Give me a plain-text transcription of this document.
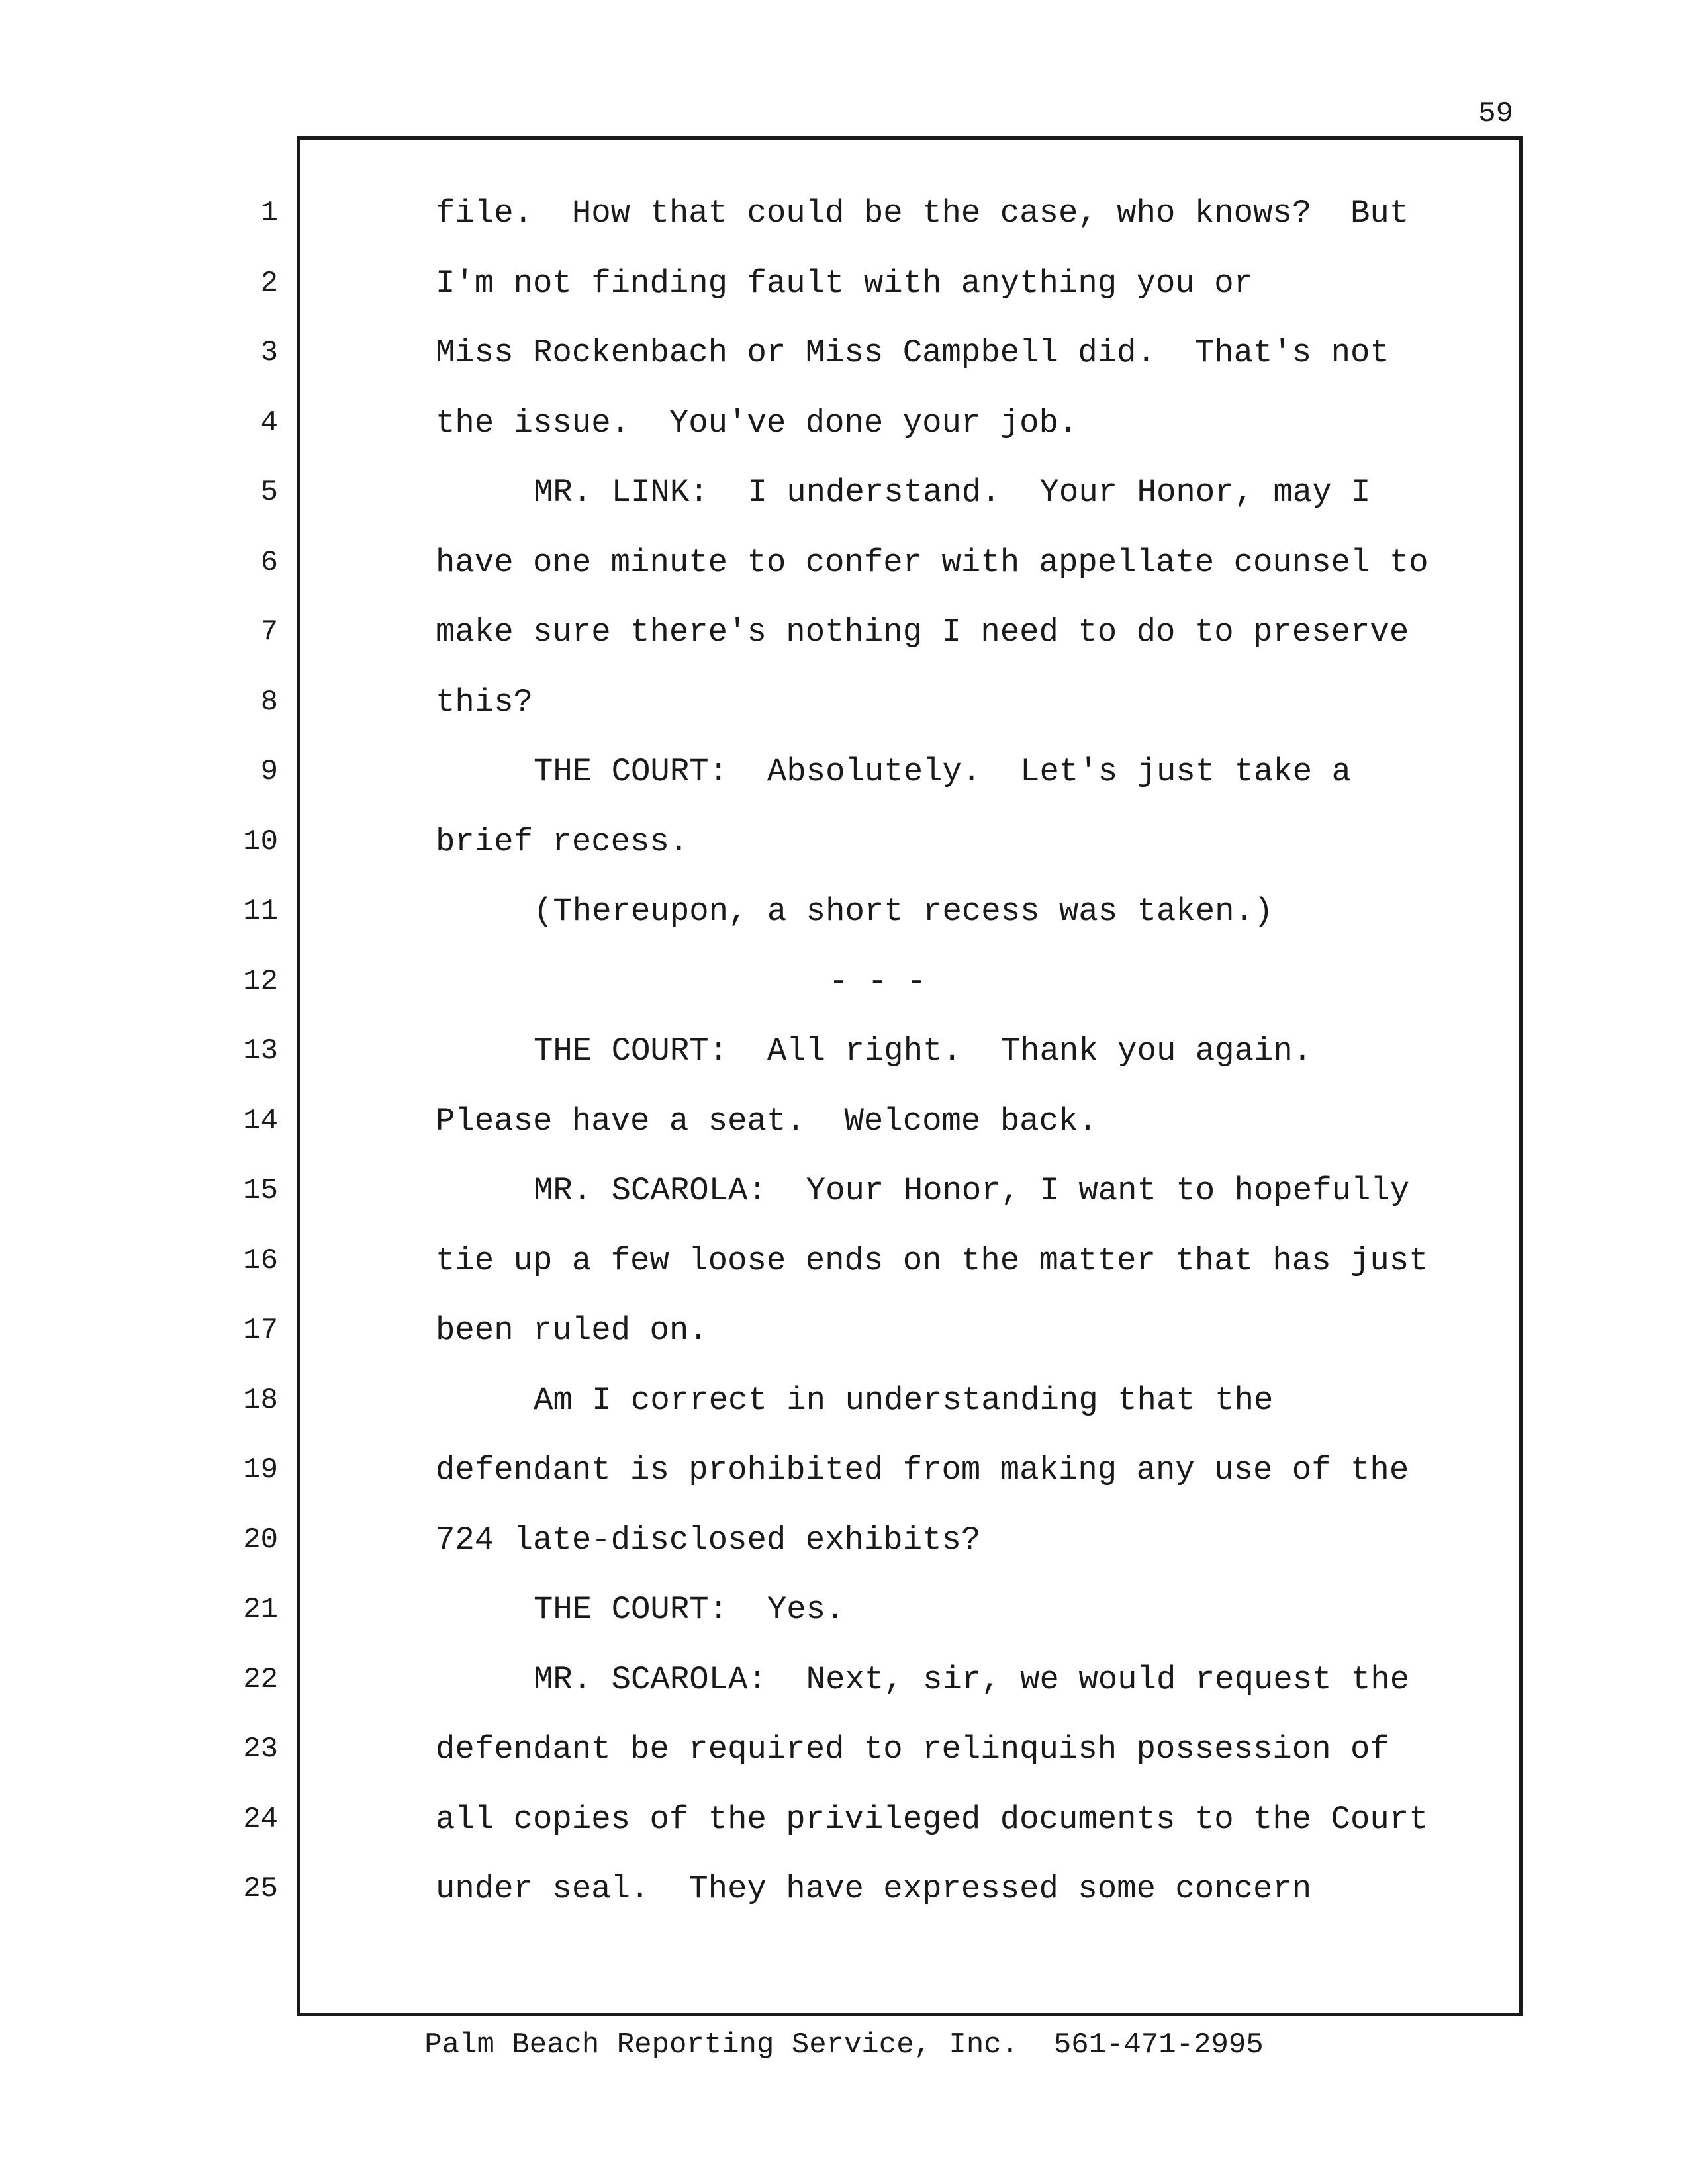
59
1
2
3
4
5
6
7
8
9
10
11
12
13
14
15
16
17
18
19
20
21
22
23
24
25
file.  How that could be the case, who knows?  But
I'm not finding fault with anything you or
Miss Rockenbach or Miss Campbell did.  That's not
the issue.  You've done your job.
MR. LINK:  I understand.  Your Honor, may I
have one minute to confer with appellate counsel to
make sure there's nothing I need to do to preserve
this?
THE COURT:  Absolutely.  Let's just take a
brief recess.
(Thereupon, a short recess was taken.)
- - -
THE COURT:  All right.  Thank you again.
Please have a seat.  Welcome back.
MR. SCAROLA:  Your Honor, I want to hopefully
tie up a few loose ends on the matter that has just
been ruled on.
Am I correct in understanding that the
defendant is prohibited from making any use of the
724 late-disclosed exhibits?
THE COURT:  Yes.
MR. SCAROLA:  Next, sir, we would request the
defendant be required to relinquish possession of
all copies of the privileged documents to the Court
under seal.  They have expressed some concern
Palm Beach Reporting Service, Inc.  561-471-2995
